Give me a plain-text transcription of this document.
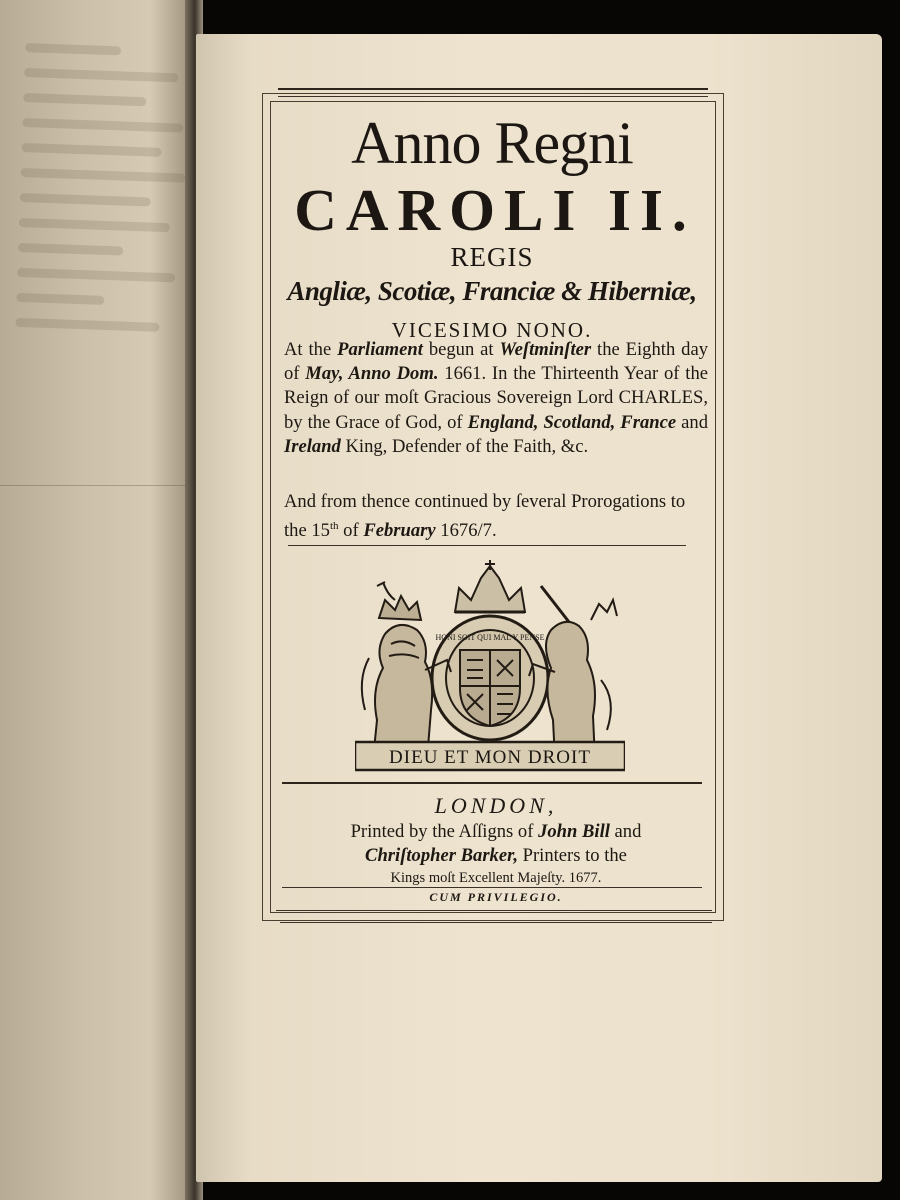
Anno Regni
CAROLI II.
REGIS
Angliæ, Scotiæ, Franciæ & Hiberniæ,
VICESIMO NONO.
At the Parliament begun at Weſtminſter the Eighth day of May, Anno Dom. 1661. In the Thirteenth Year of the Reign of our moſt Gracious Sovereign Lord CHARLES, by the Grace of God, of England, Scotland, France and Ireland King, Defender of the Faith, &c.
And from thence continued by ſeveral Prorogations to the 15th of February 1676/7.
DIEU ET MON DROIT
HONI SOIT QUI MAL Y PENSE
LONDON,
Printed by the Aſſigns of John Bill and
Chriſtopher Barker, Printers to the
Kings moſt Excellent Majeſty. 1677.
CUM PRIVILEGIO.
